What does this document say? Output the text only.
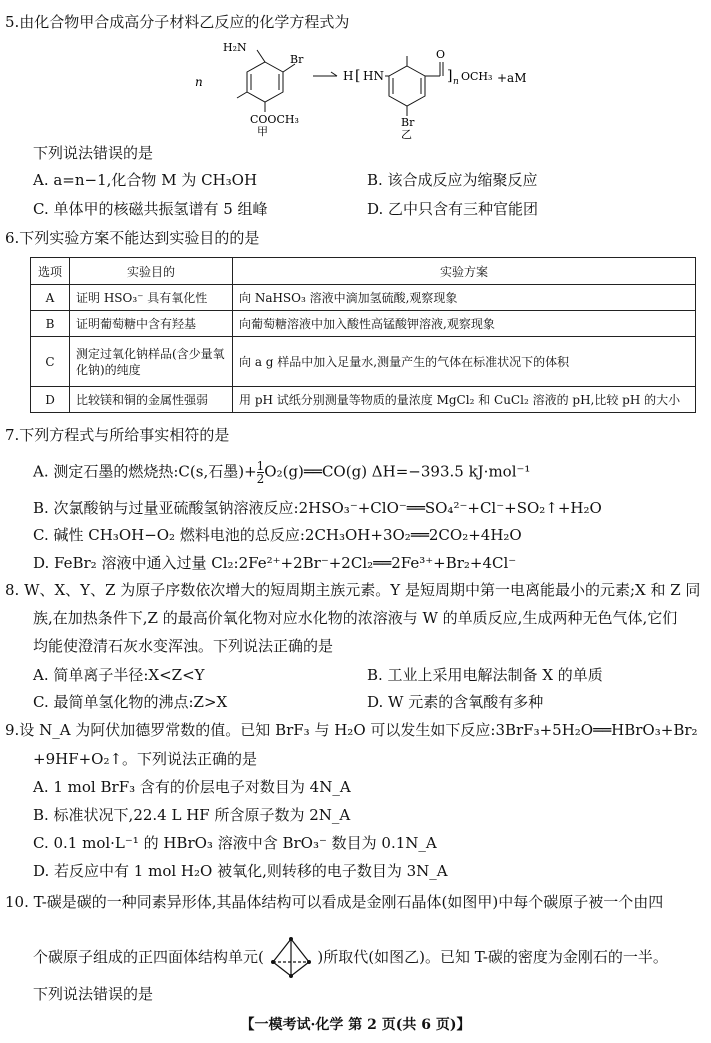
5.由化合物甲合成高分子材料乙反应的化学方程式为
n
H₂N
Br
COOCH₃
甲
H [ HN
O
] n OCH₃ +aM
Br
乙
下列说法错误的是
A. a=n−1,化合物 M 为 CH₃OH	B. 该合成反应为缩聚反应
C. 单体甲的核磁共振氢谱有 5 组峰	D. 乙中只含有三种官能团
6.下列实验方案不能达到实验目的的是
选项	实验目的	实验方案
A	证明 HSO₃⁻ 具有氧化性	向 NaHSO₃ 溶液中滴加氢硫酸,观察现象
B	证明葡萄糖中含有羟基	向葡萄糖溶液中加入酸性高锰酸钾溶液,观察现象
C	测定过氧化钠样品(含少量氧化钠)的纯度	向 a g 样品中加入足量水,测量产生的气体在标准状况下的体积
D	比较镁和铜的金属性强弱	用 pH 试纸分别测量等物质的量浓度 MgCl₂ 和 CuCl₂ 溶液的 pH,比较 pH 的大小
7.下列方程式与所给事实相符的是
A. 测定石墨的燃烧热:C(s,石墨)+ $\frac{1}{2}$ O₂(g)══CO(g) ΔH=−393.5 kJ·mol⁻¹
B. 次氯酸钠与过量亚硫酸氢钠溶液反应:2HSO₃⁻+ClO⁻══SO₄²⁻+Cl⁻+SO₂↑+H₂O
C. 碱性 CH₃OH−O₂ 燃料电池的总反应:2CH₃OH+3O₂══2CO₂+4H₂O
D. FeBr₂ 溶液中通入过量 Cl₂:2Fe²⁺+2Br⁻+2Cl₂══2Fe³⁺+Br₂+4Cl⁻
8. W、X、Y、Z 为原子序数依次增大的短周期主族元素。Y 是短周期中第一电离能最小的元素;X 和 Z 同
族,在加热条件下,Z 的最高价氧化物对应水化物的浓溶液与 W 的单质反应,生成两种无色气体,它们
均能使澄清石灰水变浑浊。下列说法正确的是
A. 简单离子半径:X<Z<Y	B. 工业上采用电解法制备 X 的单质
C. 最简单氢化物的沸点:Z>X	D. W 元素的含氧酸有多种
9.设 N_A 为阿伏加德罗常数的值。已知 BrF₃ 与 H₂O 可以发生如下反应:3BrF₃+5H₂O══HBrO₃+Br₂
+9HF+O₂↑。下列说法正确的是
A. 1 mol BrF₃ 含有的价层电子对数目为 4N_A
B. 标准状况下,22.4 L HF 所含原子数为 2N_A
C. 0.1 mol·L⁻¹ 的 HBrO₃ 溶液中含 BrO₃⁻ 数目为 0.1N_A
D. 若反应中有 1 mol H₂O 被氧化,则转移的电子数目为 3N_A
10. T-碳是碳的一种同素异形体,其晶体结构可以看成是金刚石晶体(如图甲)中每个碳原子被一个由四
个碳原子组成的正四面体结构单元(	)所取代(如图乙)。已知 T-碳的密度为金刚石的一半。
下列说法错误的是
【一模考试·化学 第 2 页(共 6 页)】
